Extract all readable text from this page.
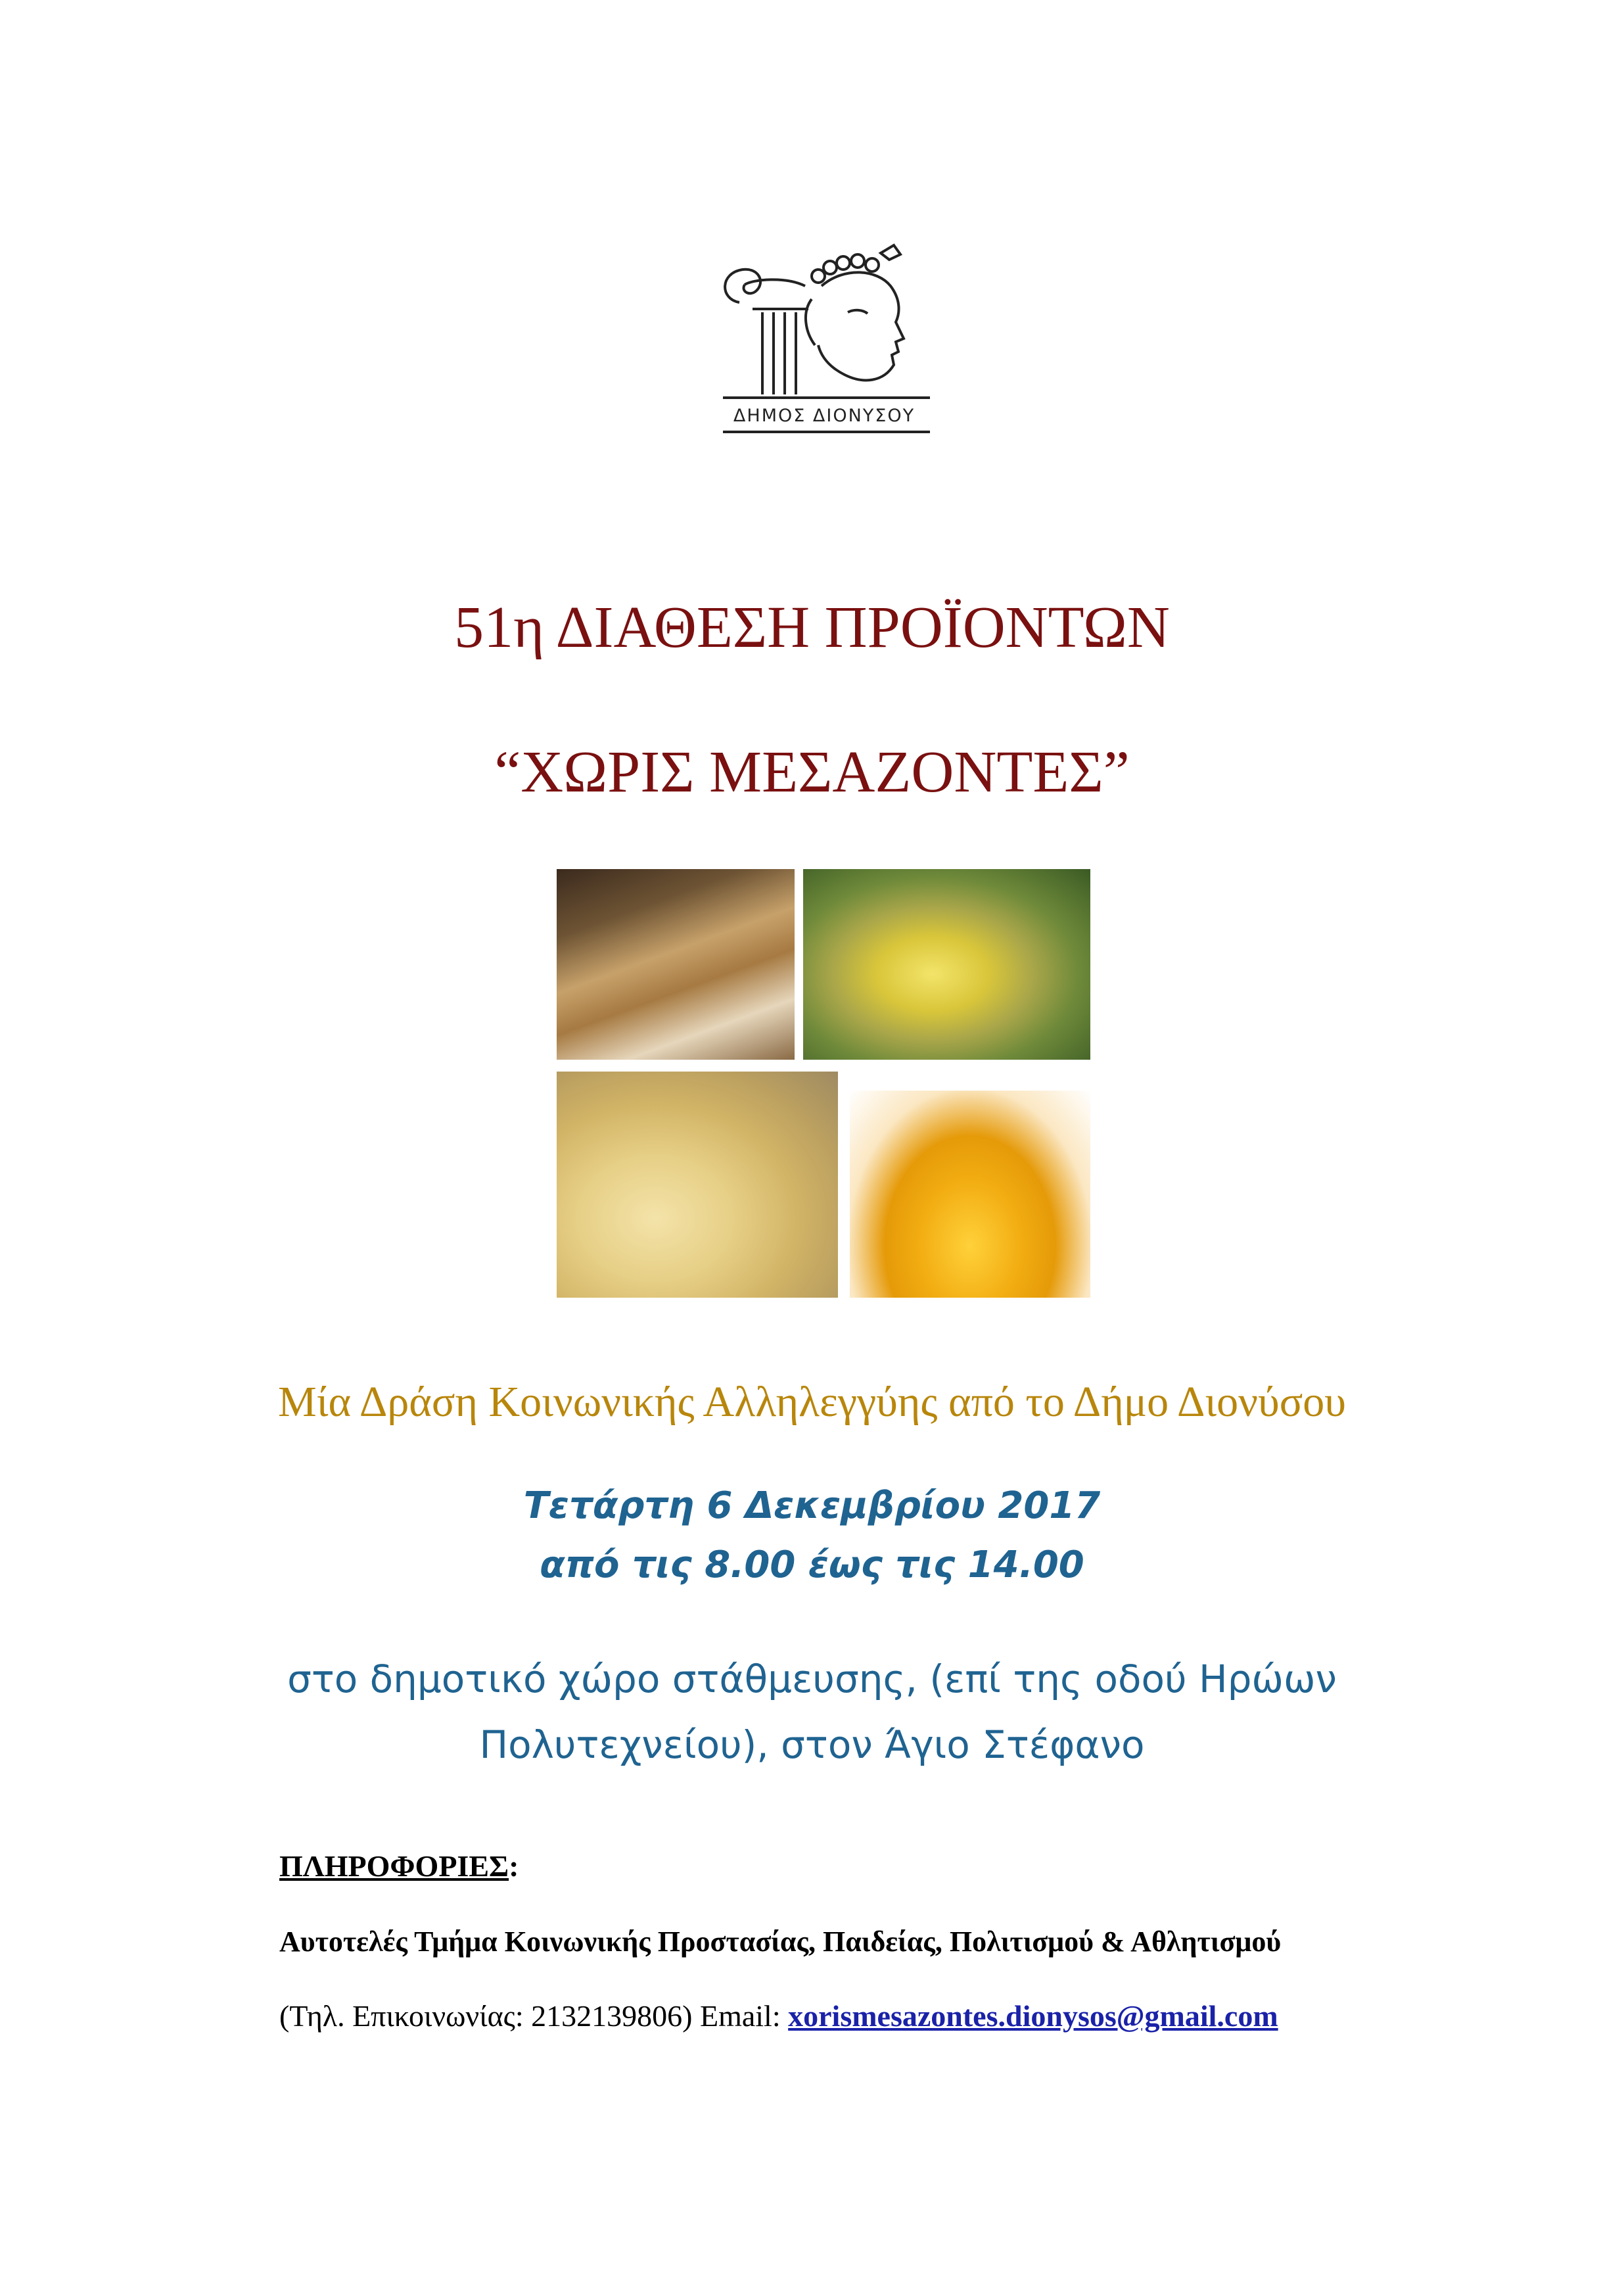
ΔΗΜΟΣ ΔΙΟΝΥΣΟΥ
51η ΔΙΑΘΕΣΗ ΠΡΟΪΟΝΤΩΝ
“ΧΩΡΙΣ ΜΕΣΑΖΟΝΤΕΣ”
Μία Δράση Κοινωνικής Αλληλεγγύης από το Δήμο Διονύσου
Τετάρτη 6 Δεκεμβρίου 2017
από τις 8.00 έως τις 14.00
στο δημοτικό χώρο στάθμευσης, (επί της οδού Ηρώων
Πολυτεχνείου), στον Άγιο Στέφανο
ΠΛΗΡΟΦΟΡΙΕΣ:
Αυτοτελές Τμήμα Κοινωνικής Προστασίας, Παιδείας, Πολιτισμού & Αθλητισμού
(Τηλ. Επικοινωνίας: 2132139806) Email: xorismesazontes.dionysos@gmail.com
